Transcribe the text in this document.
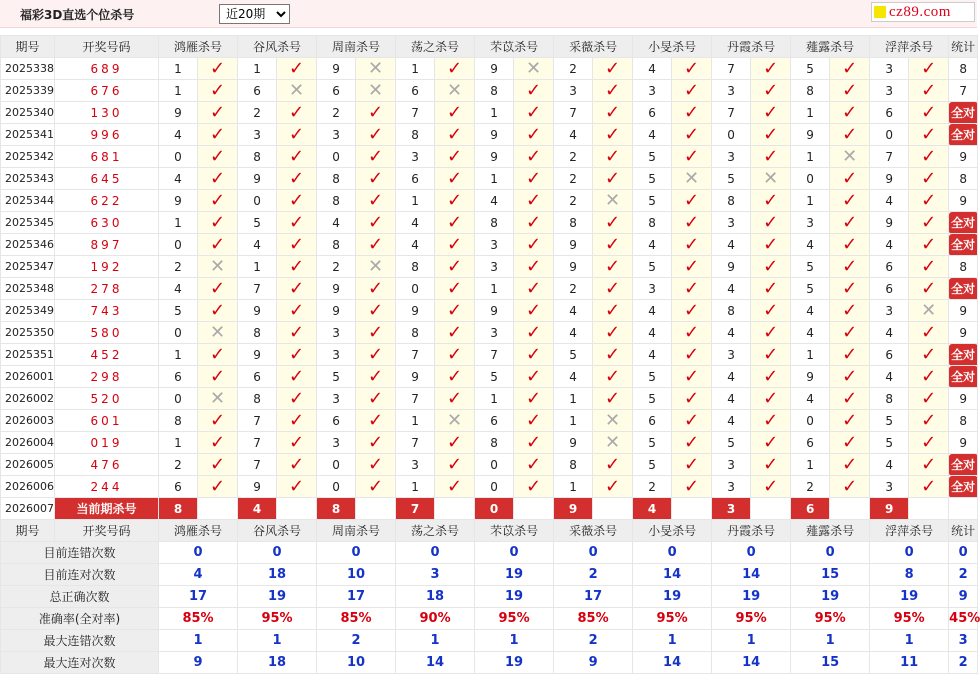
福彩3D直选个位杀号
近20期	cz89.com
期号	开奖号码	鸿雁杀号		谷风杀号		周南杀号		荡之杀号		芣苡杀号		采薇杀号		小旻杀号		丹霞杀号		薤露杀号		浮萍杀号		统计
2025338	689	1	✓	1	✓	9	✕	1	✓	9	✕	2	✓	4	✓	7	✓	5	✓	3	✓	8
2025339	676	1	✓	6	✕	6	✕	6	✕	8	✓	3	✓	3	✓	3	✓	8	✓	3	✓	7
2025340	130	9	✓	2	✓	2	✓	7	✓	1	✓	7	✓	6	✓	7	✓	1	✓	6	✓	全对
2025341	996	4	✓	3	✓	3	✓	8	✓	9	✓	4	✓	4	✓	0	✓	9	✓	0	✓	全对
2025342	681	0	✓	8	✓	0	✓	3	✓	9	✓	2	✓	5	✓	3	✓	1	✕	7	✓	9
2025343	645	4	✓	9	✓	8	✓	6	✓	1	✓	2	✓	5	✕	5	✕	0	✓	9	✓	8
2025344	622	9	✓	0	✓	8	✓	1	✓	4	✓	2	✕	5	✓	8	✓	1	✓	4	✓	9
2025345	630	1	✓	5	✓	4	✓	4	✓	8	✓	8	✓	8	✓	3	✓	3	✓	9	✓	全对
2025346	897	0	✓	4	✓	8	✓	4	✓	3	✓	9	✓	4	✓	4	✓	4	✓	4	✓	全对
2025347	192	2	✕	1	✓	2	✕	8	✓	3	✓	9	✓	5	✓	9	✓	5	✓	6	✓	8
2025348	278	4	✓	7	✓	9	✓	0	✓	1	✓	2	✓	3	✓	4	✓	5	✓	6	✓	全对
2025349	743	5	✓	9	✓	9	✓	9	✓	9	✓	4	✓	4	✓	8	✓	4	✓	3	✕	9
2025350	580	0	✕	8	✓	3	✓	8	✓	3	✓	4	✓	4	✓	4	✓	4	✓	4	✓	9
2025351	452	1	✓	9	✓	3	✓	7	✓	7	✓	5	✓	4	✓	3	✓	1	✓	6	✓	全对
2026001	298	6	✓	6	✓	5	✓	9	✓	5	✓	4	✓	5	✓	4	✓	9	✓	4	✓	全对
2026002	520	0	✕	8	✓	3	✓	7	✓	1	✓	1	✓	5	✓	4	✓	4	✓	8	✓	9
2026003	601	8	✓	7	✓	6	✓	1	✕	6	✓	1	✕	6	✓	4	✓	0	✓	5	✓	8
2026004	019	1	✓	7	✓	3	✓	7	✓	8	✓	9	✕	5	✓	5	✓	6	✓	5	✓	9
2026005	476	2	✓	7	✓	0	✓	3	✓	0	✓	8	✓	5	✓	3	✓	1	✓	4	✓	全对
2026006	244	6	✓	9	✓	0	✓	1	✓	0	✓	1	✓	2	✓	3	✓	2	✓	3	✓	全对
2026007	当前期杀号	8		4		8		7		0		9		4		3		6		9		
期号	开奖号码	鸿雁杀号		谷风杀号		周南杀号		荡之杀号		芣苡杀号		采薇杀号		小旻杀号		丹霞杀号		薤露杀号		浮萍杀号		统计
目前连错次数		0		0		0		0		0		0		0		0		0		0		0
目前连对次数		4		18		10		3		19		2		14		14		15		8		2
总正确次数		17		19		17		18		19		17		19		19		19		19		9
准确率(全对率)		85%		95%		85%		90%		95%		85%		95%		95%		95%		95%		45%
最大连错次数		1		1		2		1		1		2		1		1		1		1		3
最大连对次数		9		18		10		14		19		9		14		14		15		11		2
